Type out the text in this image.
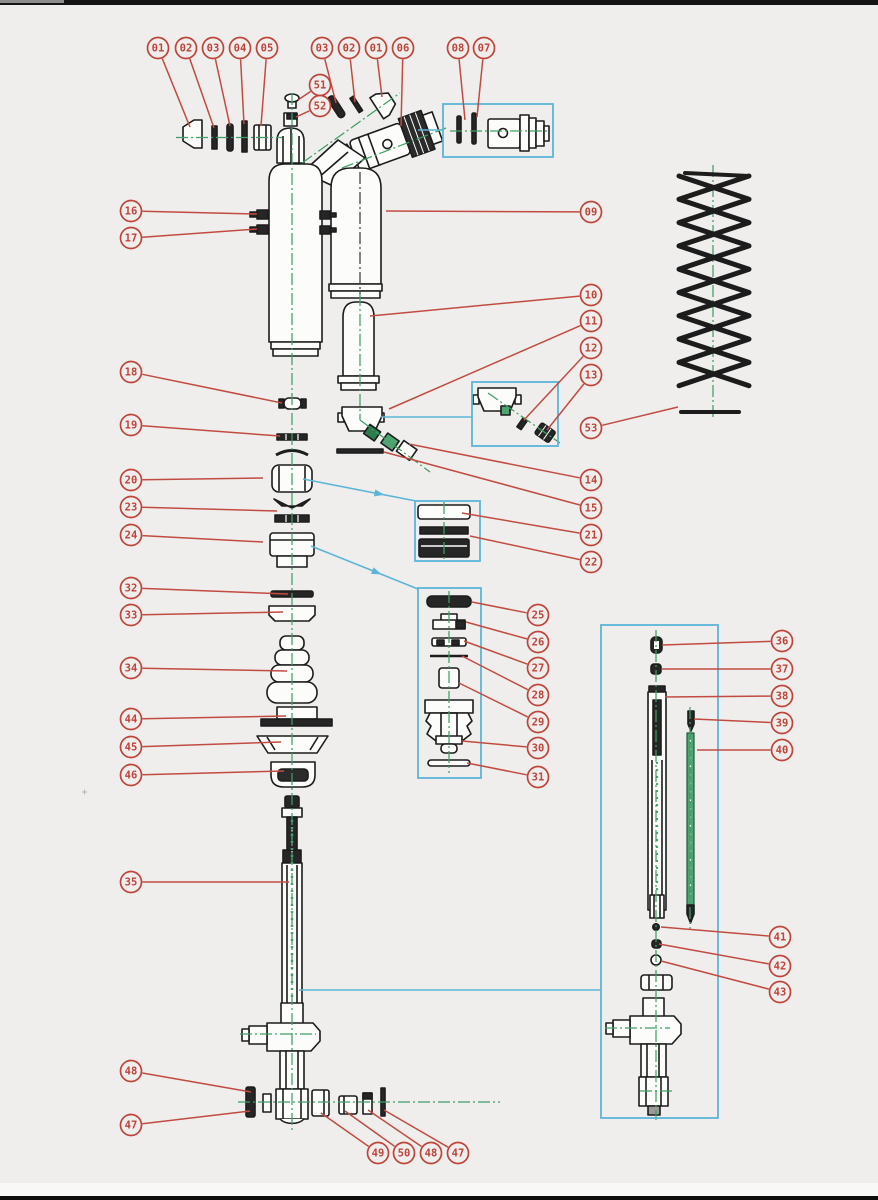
01 02 03 04 05	03 02 01 06	08 07
51
52
16
17
09
10
11
12
13
53
18
19
20
23
24
14
15
21
22
32
33
34
44
45
46
25
26
27
28
29
30
31
35
36
37
38
39
40
41
42
43
48
47
49 50 48 47
